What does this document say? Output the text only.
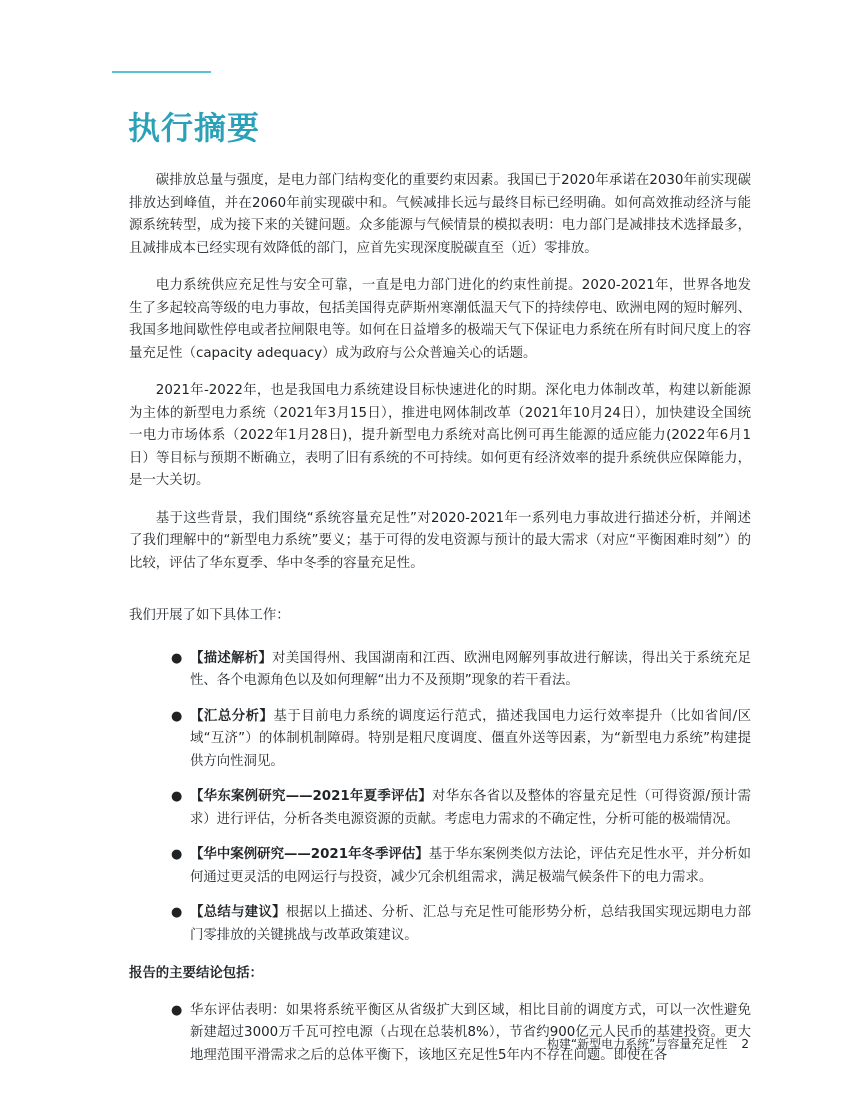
执行摘要

碳排放总量与强度，是电力部门结构变化的重要约束因素。我国已于2020年承诺在2030年前实现碳排放达到峰值，并在2060年前实现碳中和。气候减排长远与最终目标已经明确。如何高效推动经济与能源系统转型，成为接下来的关键问题。众多能源与气候情景的模拟表明：电力部门是减排技术选择最多，且减排成本已经实现有效降低的部门，应首先实现深度脱碳直至（近）零排放。

电力系统供应充足性与安全可靠，一直是电力部门进化的约束性前提。2020-2021年，世界各地发生了多起较高等级的电力事故，包括美国得克萨斯州寒潮低温天气下的持续停电、欧洲电网的短时解列、我国多地间歇性停电或者拉闸限电等。如何在日益增多的极端天气下保证电力系统在所有时间尺度上的容量充足性（capacity adequacy）成为政府与公众普遍关心的话题。

2021年-2022年，也是我国电力系统建设目标快速进化的时期。深化电力体制改革，构建以新能源为主体的新型电力系统（2021年3月15日），推进电网体制改革（2021年10月24日），加快建设全国统一电力市场体系（2022年1月28日)，提升新型电力系统对高比例可再生能源的适应能力(2022年6月1日）等目标与预期不断确立，表明了旧有系统的不可持续。如何更有经济效率的提升系统供应保障能力，是一大关切。

基于这些背景，我们围绕“系统容量充足性”对2020-2021年一系列电力事故进行描述分析，并阐述了我们理解中的“新型电力系统”要义；基于可得的发电资源与预计的最大需求（对应“平衡困难时刻”）的比较，评估了华东夏季、华中冬季的容量充足性。

我们开展了如下具体工作：

● 【描述解析】对美国得州、我国湖南和江西、欧洲电网解列事故进行解读，得出关于系统充足性、各个电源角色以及如何理解“出力不及预期”现象的若干看法。
● 【汇总分析】基于目前电力系统的调度运行范式，描述我国电力运行效率提升（比如省间/区域“互济”）的体制机制障碍。特别是粗尺度调度、僵直外送等因素，为“新型电力系统”构建提供方向性洞见。
● 【华东案例研究——2021年夏季评估】对华东各省以及整体的容量充足性（可得资源/预计需求）进行评估，分析各类电源资源的贡献。考虑电力需求的不确定性，分析可能的极端情况。
● 【华中案例研究——2021年冬季评估】基于华东案例类似方法论，评估充足性水平，并分析如何通过更灵活的电网运行与投资，减少冗余机组需求，满足极端气候条件下的电力需求。
● 【总结与建议】根据以上描述、分析、汇总与充足性可能形势分析，总结我国实现远期电力部门零排放的关键挑战与改革政策建议。

报告的主要结论包括：

● 华东评估表明：如果将系统平衡区从省级扩大到区域，相比目前的调度方式，可以一次性避免新建超过3000万千瓦可控电源（占现在总装机8%），节省约900亿元人民币的基建投资。更大地理范围平滑需求之后的总体平衡下，该地区充足性5年内不存在问题。即使在各
构建“新型电力系统”与容量充足性 2
